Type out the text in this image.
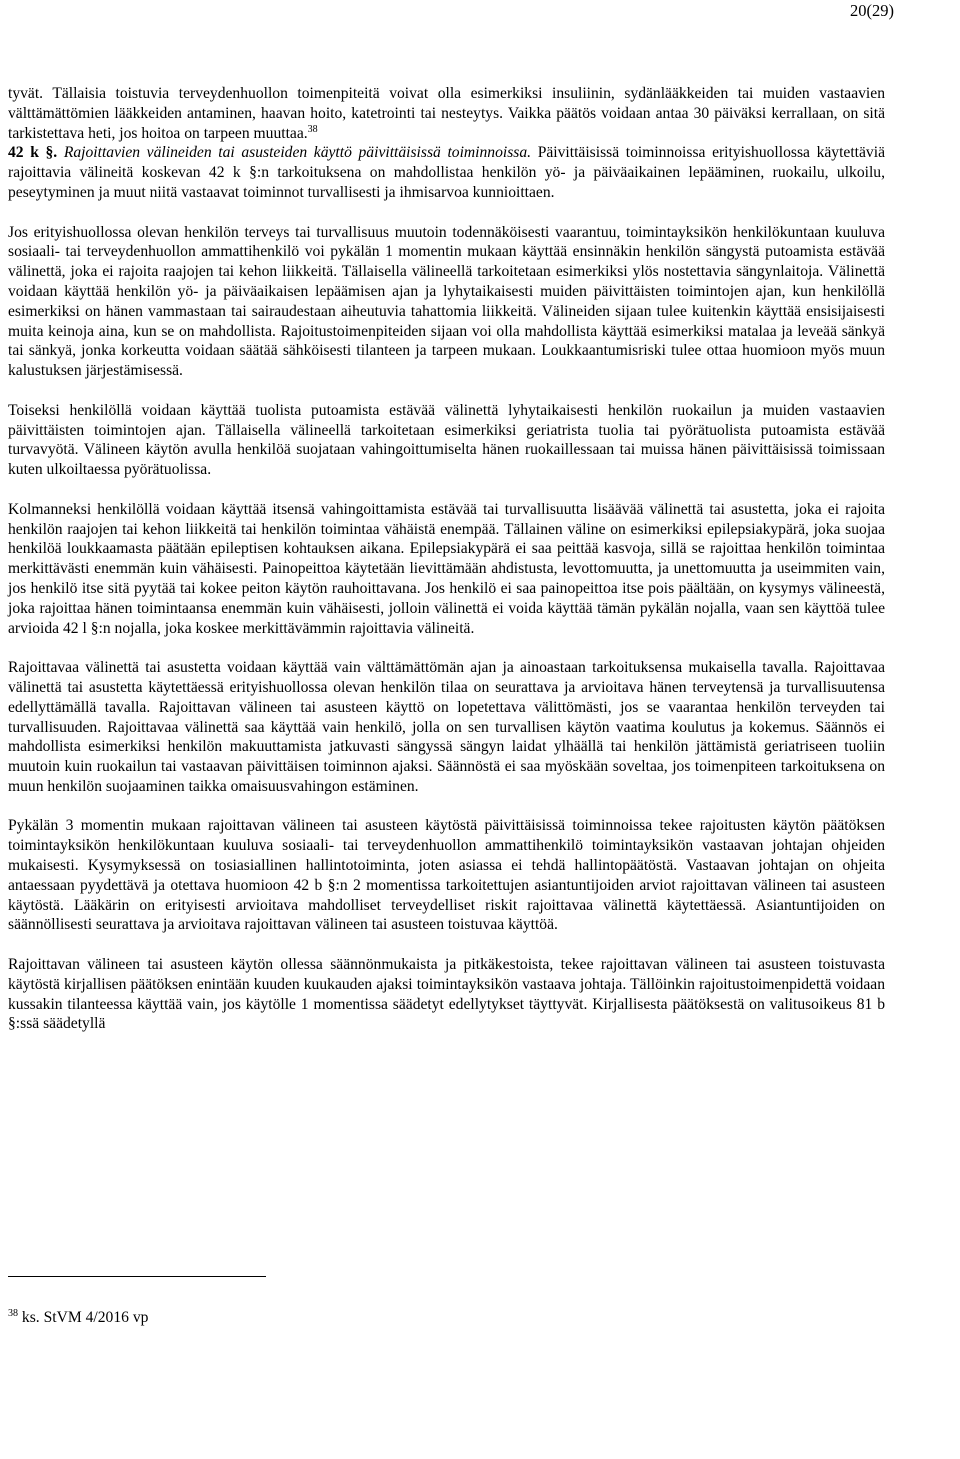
20(29)

tyvät. Tällaisia toistuvia terveydenhuollon toimenpiteitä voivat olla esimerkiksi insuliinin, sydänlääkkeiden tai muiden vastaavien välttämättömien lääkkeiden antaminen, haavan hoito, katetrointi tai nesteytys. Vaikka päätös voidaan antaa 30 päiväksi kerrallaan, on sitä tarkistettava heti, jos hoitoa on tarpeen muuttaa.$^{38}$

42 k §. Rajoittavien välineiden tai asusteiden käyttö päivittäisissä toiminnoissa. Päivittäisissä toiminnoissa erityishuollossa käytettäviä rajoittavia välineitä koskevan 42 k §:n tarkoituksena on mahdollistaa henkilön yö- ja päiväaikainen lepääminen, ruokailu, ulkoilu, peseytyminen ja muut niitä vastaavat toiminnot turvallisesti ja ihmisarvoa kunnioittaen.

Jos erityishuollossa olevan henkilön terveys tai turvallisuus muutoin todennäköisesti vaarantuu, toimintayksikön henkilökuntaan kuuluva sosiaali- tai terveydenhuollon ammattihenkilö voi pykälän 1 momentin mukaan käyttää ensinnäkin henkilön sängystä putoamista estävää välinettä, joka ei rajoita raajojen tai kehon liikkeitä. Tällaisella välineellä tarkoitetaan esimerkiksi ylös nostettavia sängynlaitoja. Välinettä voidaan käyttää henkilön yö- ja päiväaikaisen lepäämisen ajan ja lyhytaikaisesti muiden päivittäisten toimintojen ajan, kun henkilöllä esimerkiksi on hänen vammastaan tai sairaudestaan aiheutuvia tahattomia liikkeitä. Välineiden sijaan tulee kuitenkin käyttää ensisijaisesti muita keinoja aina, kun se on mahdollista. Rajoitustoimenpiteiden sijaan voi olla mahdollista käyttää esimerkiksi matalaa ja leveää sänkyä tai sänkyä, jonka korkeutta voidaan säätää sähköisesti tilanteen ja tarpeen mukaan. Loukkaantumisriski tulee ottaa huomioon myös muun kalustuksen järjestämisessä.

Toiseksi henkilöllä voidaan käyttää tuolista putoamista estävää välinettä lyhytaikaisesti henkilön ruokailun ja muiden vastaavien päivittäisten toimintojen ajan. Tällaisella välineellä tarkoitetaan esimerkiksi geriatrista tuolia tai pyörätuolista putoamista estävää turvavyötä. Välineen käytön avulla henkilöä suojataan vahingoittumiselta hänen ruokaillessaan tai muissa hänen päivittäisissä toimissaan kuten ulkoiltaessa pyörätuolissa.

Kolmanneksi henkilöllä voidaan käyttää itsensä vahingoittamista estävää tai turvallisuutta lisäävää välinettä tai asustetta, joka ei rajoita henkilön raajojen tai kehon liikkeitä tai henkilön toimintaa vähäistä enempää. Tällainen väline on esimerkiksi epilepsiakypärä, joka suojaa henkilöä loukkaamasta päätään epileptisen kohtauksen aikana. Epilepsiakypärä ei saa peittää kasvoja, sillä se rajoittaa henkilön toimintaa merkittävästi enemmän kuin vähäisesti. Painopeittoa käytetään lievittämään ahdistusta, levottomuutta, ja unettomuutta ja useimmiten vain, jos henkilö itse sitä pyytää tai kokee peiton käytön rauhoittavana. Jos henkilö ei saa painopeittoa itse pois päältään, on kysymys välineestä, joka rajoittaa hänen toimintaansa enemmän kuin vähäisesti, jolloin välinettä ei voida käyttää tämän pykälän nojalla, vaan sen käyttöä tulee arvioida 42 l §:n nojalla, joka koskee merkittävämmin rajoittavia välineitä.

Rajoittavaa välinettä tai asustetta voidaan käyttää vain välttämättömän ajan ja ainoastaan tarkoituksensa mukaisella tavalla. Rajoittavaa välinettä tai asustetta käytettäessä erityishuollossa olevan henkilön tilaa on seurattava ja arvioitava hänen terveytensä ja turvallisuutensa edellyttämällä tavalla. Rajoittavan välineen tai asusteen käyttö on lopetettava välittömästi, jos se vaarantaa henkilön terveyden tai turvallisuuden. Rajoittavaa välinettä saa käyttää vain henkilö, jolla on sen turvallisen käytön vaatima koulutus ja kokemus. Säännös ei mahdollista esimerkiksi henkilön makuuttamista jatkuvasti sängyssä sängyn laidat ylhäällä tai henkilön jättämistä geriatriseen tuoliin muutoin kuin ruokailun tai vastaavan päivittäisen toiminnon ajaksi. Säännöstä ei saa myöskään soveltaa, jos toimenpiteen tarkoituksena on muun henkilön suojaaminen taikka omaisuusvahingon estäminen.

Pykälän 3 momentin mukaan rajoittavan välineen tai asusteen käytöstä päivittäisissä toiminnoissa tekee rajoitusten käytön päätöksen toimintayksikön henkilökuntaan kuuluva sosiaali- tai terveydenhuollon ammattihenkilö toimintayksikön vastaavan johtajan ohjeiden mukaisesti. Kysymyksessä on tosiasiallinen hallintotoiminta, joten asiassa ei tehdä hallintopäätöstä. Vastaavan johtajan on ohjeita antaessaan pyydettävä ja otettava huomioon 42 b §:n 2 momentissa tarkoitettujen asiantuntijoiden arviot rajoittavan välineen tai asusteen käytöstä. Lääkärin on erityisesti arvioitava mahdolliset terveydelliset riskit rajoittavaa välinettä käytettäessä. Asiantuntijoiden on säännöllisesti seurattava ja arvioitava rajoittavan välineen tai asusteen toistuvaa käyttöä.

Rajoittavan välineen tai asusteen käytön ollessa säännönmukaista ja pitkäkestoista, tekee rajoittavan välineen tai asusteen toistuvasta käytöstä kirjallisen päätöksen enintään kuuden kuukauden ajaksi toimintayksikön vastaava johtaja. Tällöinkin rajoitustoimenpidettä voidaan kussakin tilanteessa käyttää vain, jos käytölle 1 momentissa säädetyt edellytykset täyttyvät. Kirjallisesta päätöksestä on valitusoikeus 81 b §:ssä säädetyllä

$^{38}$ ks. StVM 4/2016 vp
